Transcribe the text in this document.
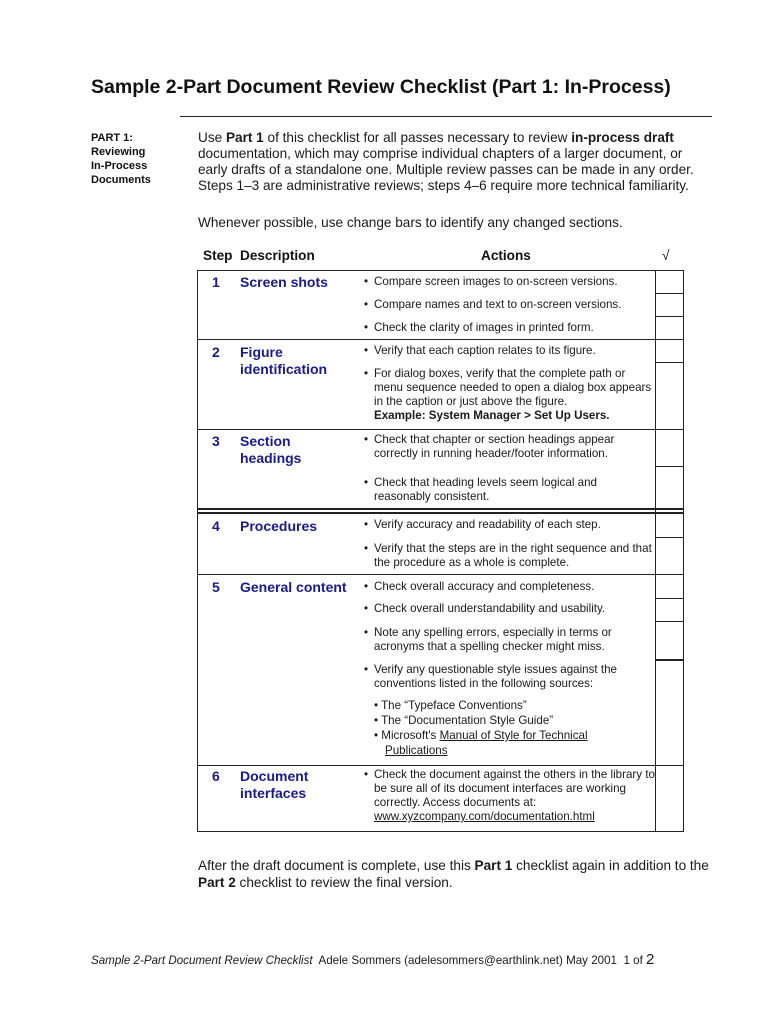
Sample 2-Part Document Review Checklist (Part 1: In-Process)
PART 1:
Reviewing
In-Process
Documents
Use Part 1 of this checklist for all passes necessary to review in-process draft documentation, which may comprise individual chapters of a larger document, or early drafts of a standalone one. Multiple review passes can be made in any order. Steps 1–3 are administrative reviews; steps 4–6 require more technical familiarity.
Whenever possible, use change bars to identify any changed sections.
Step Description	Actions	√
1 Screen shots	• Compare screen images to on-screen versions.
• Compare names and text to on-screen versions.
• Check the clarity of images in printed form.
2 Figure identification
• Verify that each caption relates to its figure.
• For dialog boxes, verify that the complete path or menu sequence needed to open a dialog box appears in the caption or just above the figure.
Example: System Manager > Set Up Users.
3 Section headings
• Check that chapter or section headings appear correctly in running header/footer information.
• Check that heading levels seem logical and reasonably consistent.
4 Procedures	• Verify accuracy and readability of each step.
• Verify that the steps are in the right sequence and that the procedure as a whole is complete.
5 General content	• Check overall accuracy and completeness.
• Check overall understandability and usability.
• Note any spelling errors, especially in terms or acronyms that a spelling checker might miss.
• Verify any questionable style issues against the conventions listed in the following sources:
• The “Typeface Conventions”
• The “Documentation Style Guide”
• Microsoft's Manual of Style for Technical Publications
6 Document interfaces
• Check the document against the others in the library to be sure all of its document interfaces are working correctly. Access documents at:
www.xyzcompany.com/documentation.html
After the draft document is complete, use this Part 1 checklist again in addition to the Part 2 checklist to review the final version.
Sample 2-Part Document Review Checklist Adele Sommers (adelesommers@earthlink.net) May 2001 1 of 2
